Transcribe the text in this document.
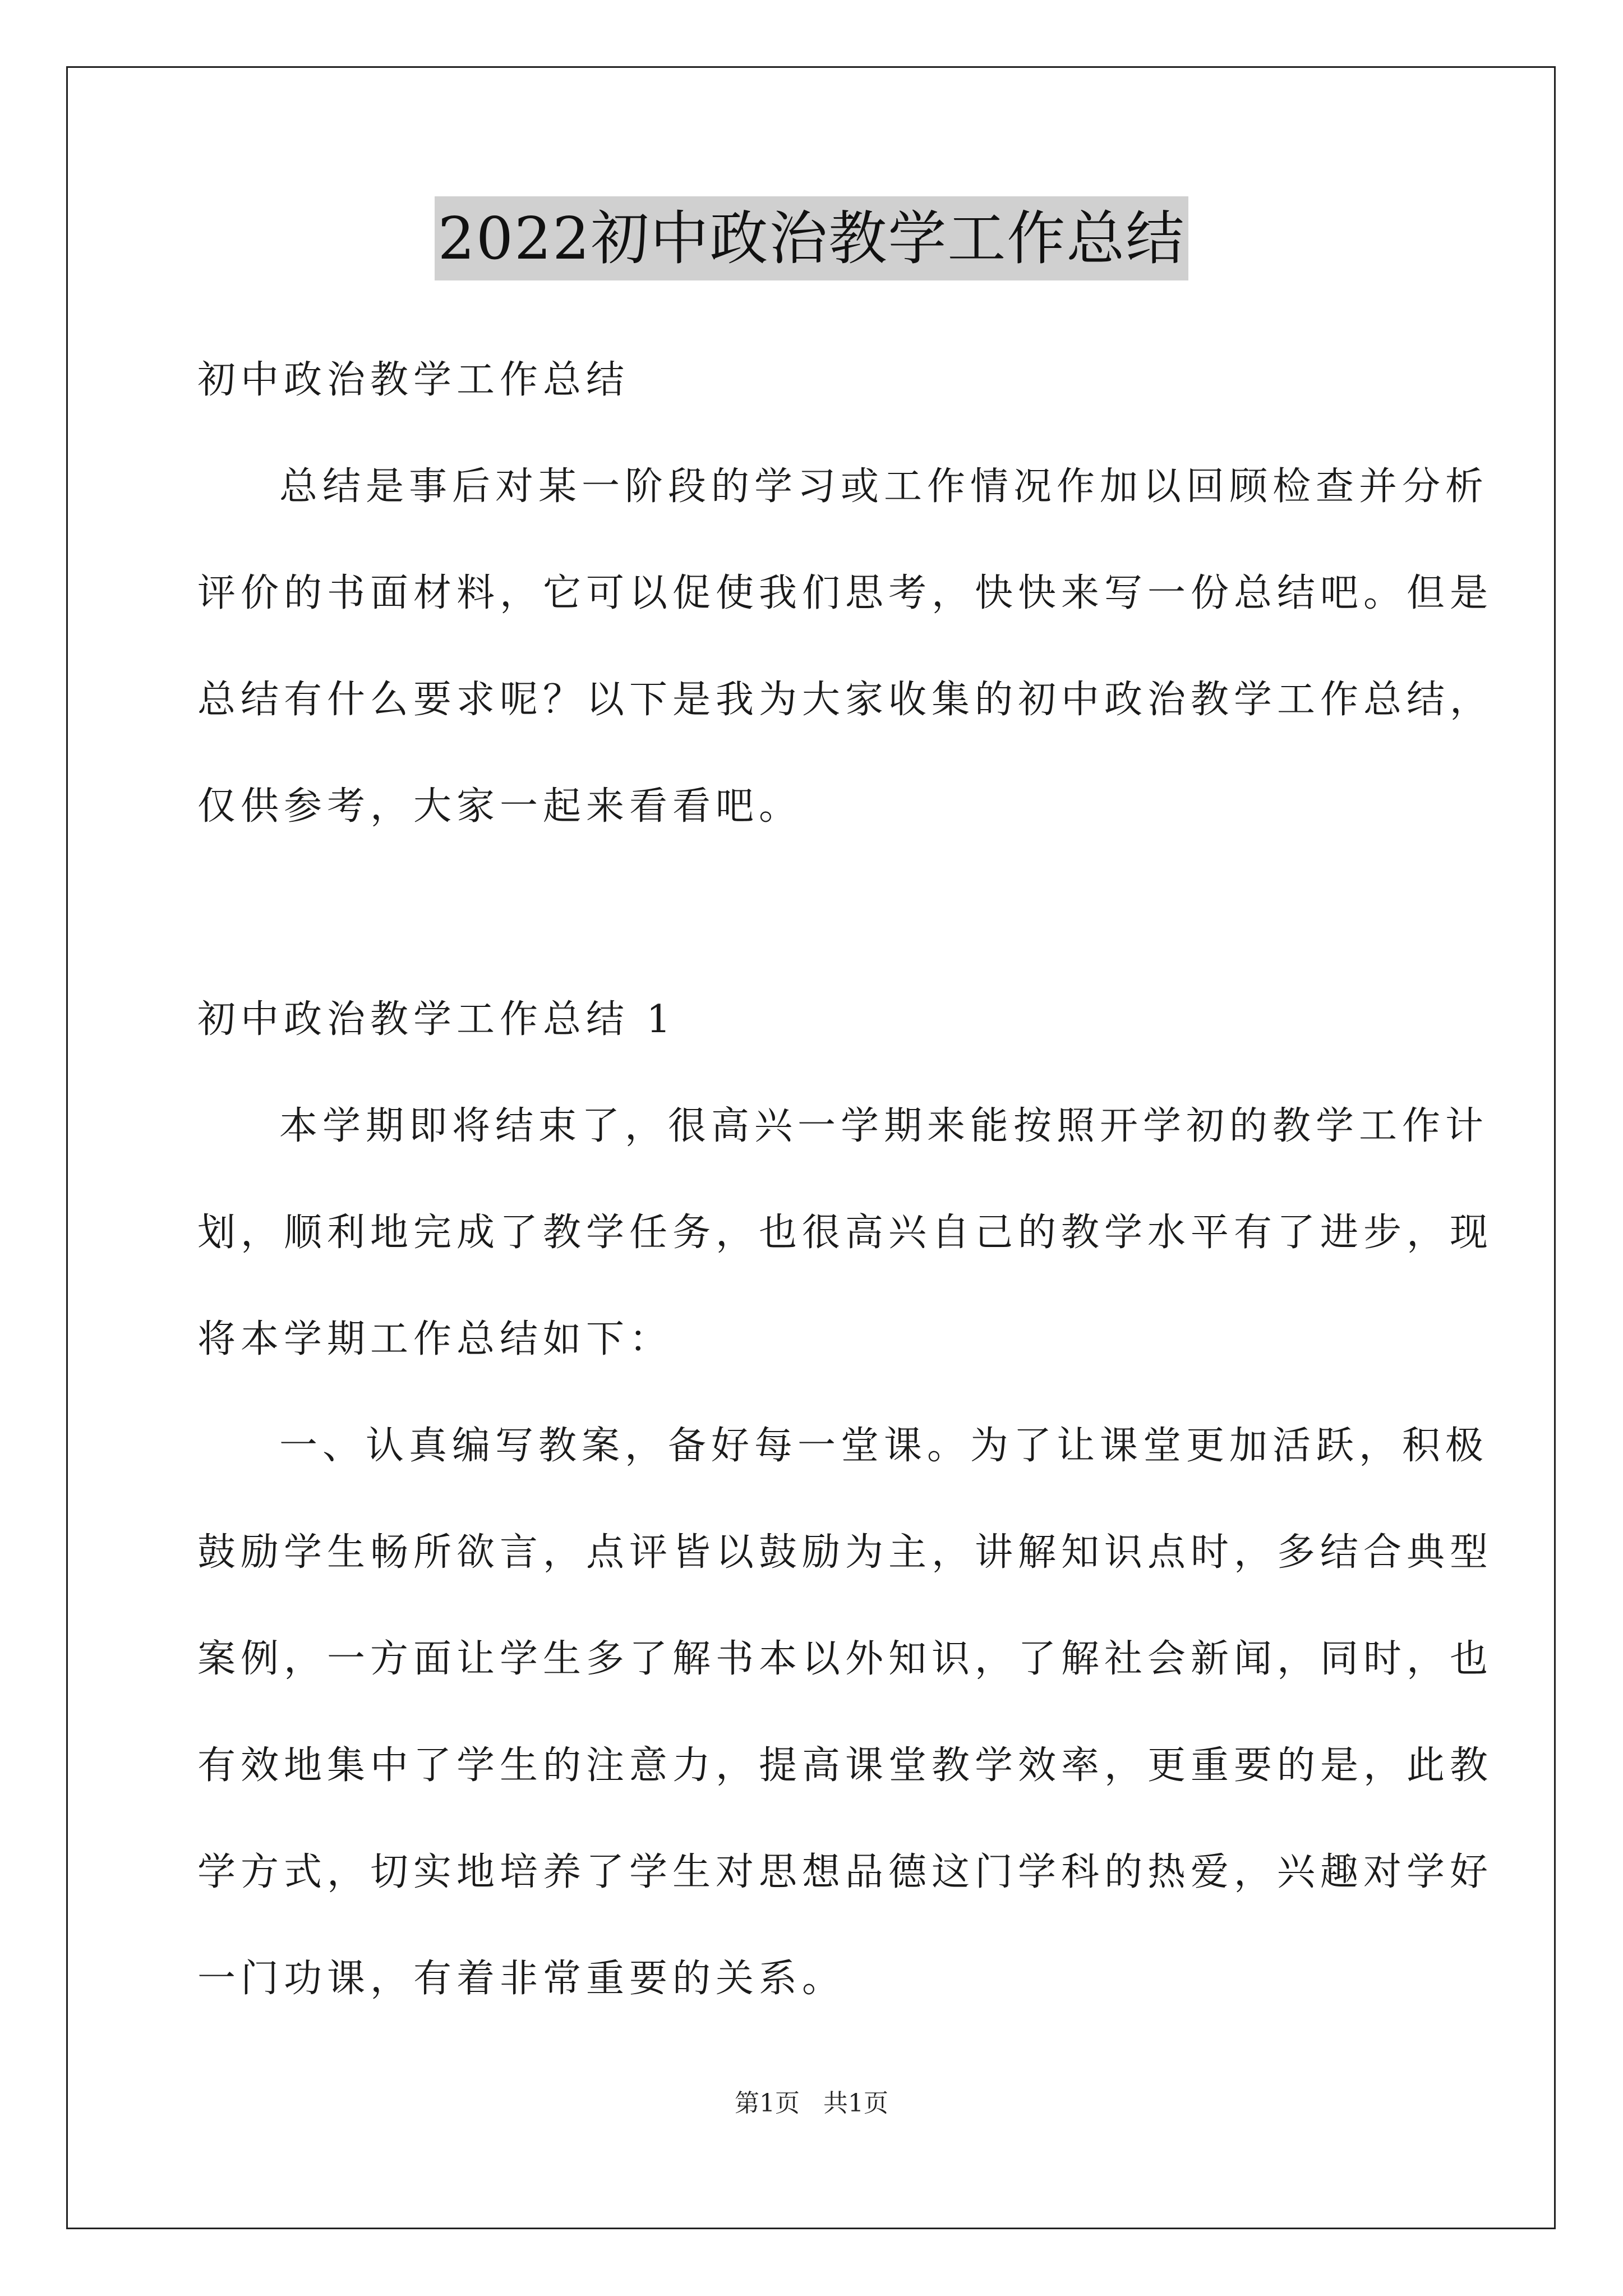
2022初中政治教学工作总结
初中政治教学工作总结
总结是事后对某一阶段的学习或工作情况作加以回顾检查并分析
评价的书面材料，它可以促使我们思考，快快来写一份总结吧。但是
总结有什么要求呢？以下是我为大家收集的初中政治教学工作总结，
仅供参考，大家一起来看看吧。
初中政治教学工作总结 1
本学期即将结束了，很高兴一学期来能按照开学初的教学工作计
划，顺利地完成了教学任务，也很高兴自己的教学水平有了进步，现
将本学期工作总结如下：
一、认真编写教案，备好每一堂课。为了让课堂更加活跃，积极
鼓励学生畅所欲言，点评皆以鼓励为主，讲解知识点时，多结合典型
案例，一方面让学生多了解书本以外知识，了解社会新闻，同时，也
有效地集中了学生的注意力，提高课堂教学效率，更重要的是，此教
学方式，切实地培养了学生对思想品德这门学科的热爱，兴趣对学好
一门功课，有着非常重要的关系。
第1页 共1页
